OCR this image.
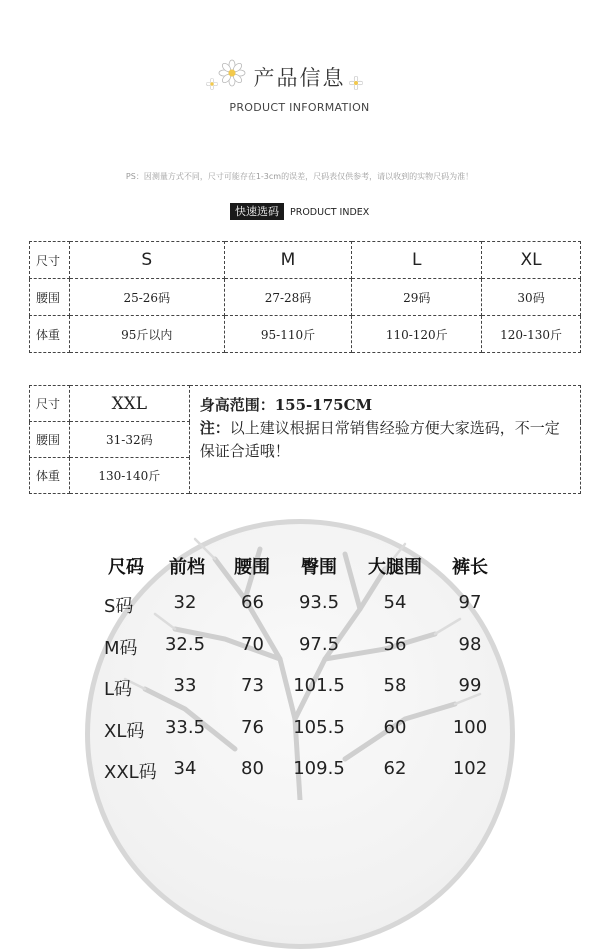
产品信息
PRODUCT INFORMATION
PS：因测量方式不同，尺寸可能存在1-3cm的误差，尺码表仅供参考，请以收到的实物尺码为准！
快速选码 PRODUCT INDEX
尺寸	S	M	L	XL
腰围	25-26码	27-28码	29码	30码
体重	95斤以内	95-110斤	110-120斤	120-130斤
尺寸	XXL	身高范围：155-175CM
注：以上建议根据日常销售经验方便大家选码，不一定保证合适哦！

腰围	31-32码	
体重	130-140斤	
尺码	前档	腰围	臀围	大腿围	裤长
S码	32	66	93.5	54	97
M码	32.5	70	97.5	56	98
L码	33	73	101.5	58	99
XL码	33.5	76	105.5	60	100
XXL码 34	80	109.5	62	102
